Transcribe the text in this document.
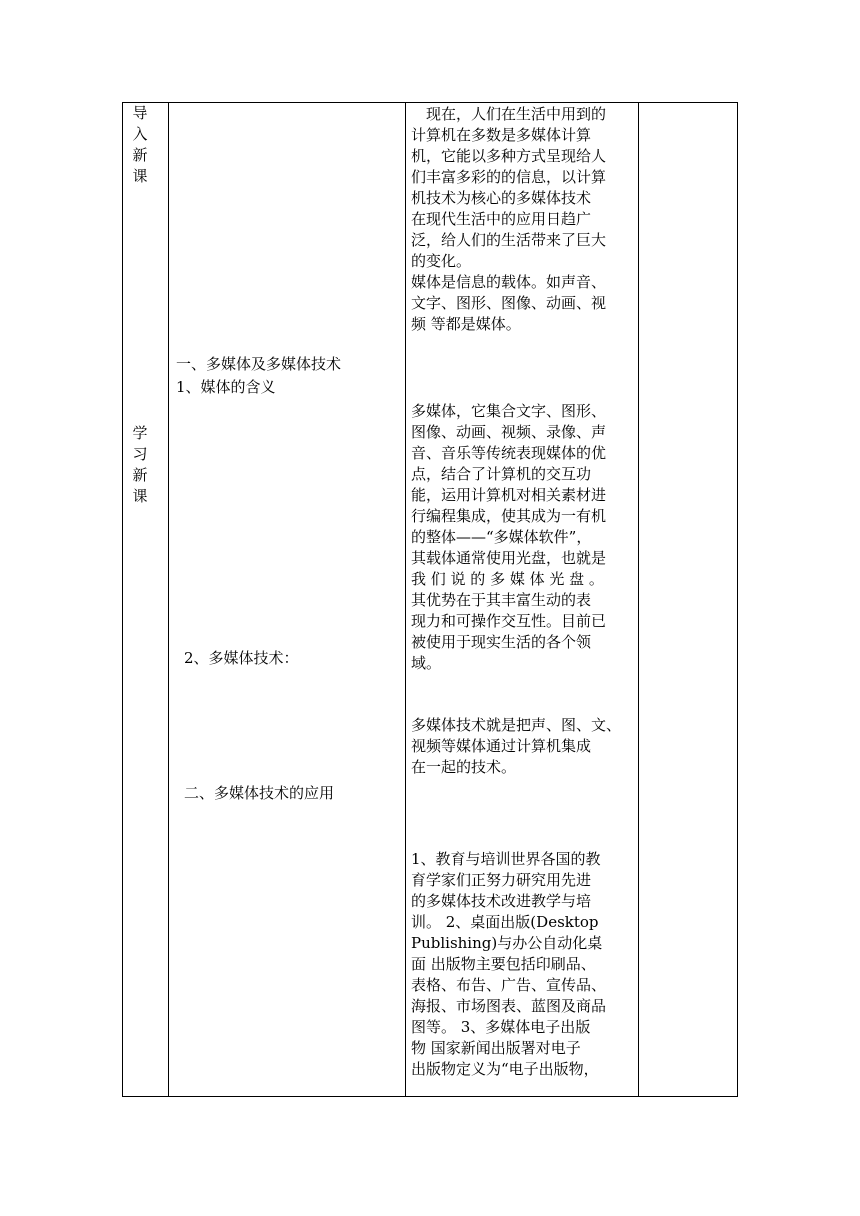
导入新课
学习新课
一、多媒体及多媒体技术
1、媒体的含义
2、多媒体技术：
二、多媒体技术的应用
　现在，人们在生活中用到的
计算机在多数是多媒体计算
机，它能以多种方式呈现给人
们丰富多彩的的信息，以计算
机技术为核心的多媒体技术
在现代生活中的应用日趋广
泛，给人们的生活带来了巨大
的变化。
媒体是信息的载体。如声音、
文字、图形、图像、动画、视
频 等都是媒体。
多媒体，它集合文字、图形、
图像、动画、视频、录像、声
音、音乐等传统表现媒体的优
点，结合了计算机的交互功
能，运用计算机对相关素材进
行编程集成，使其成为一有机
的整体——“多媒体软件”，
其载体通常使用光盘，也就是
我 们 说 的 多 媒 体 光 盘 。
其优势在于其丰富生动的表
现力和可操作交互性。目前已
被使用于现实生活的各个领
域。
多媒体技术就是把声、图、文、
视频等媒体通过计算机集成
在一起的技术。
1、教育与培训世界各国的教
育学家们正努力研究用先进
的多媒体技术改进教学与培
训。 2、桌面出版(Desktop
Publishing)与办公自动化桌
面 出版物主要包括印刷品、
表格、布告、广告、宣传品、
海报、市场图表、蓝图及商品
图等。 3、多媒体电子出版
物 国家新闻出版署对电子
出版物定义为“电子出版物，
